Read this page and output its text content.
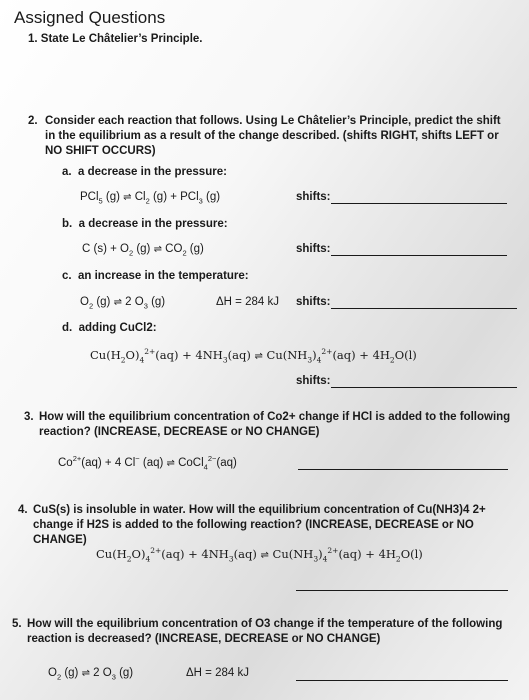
Assigned Questions
1. State Le Châtelier’s Principle.
2. Consider each reaction that follows. Using Le Châtelier’s Principle, predict the shift in the equilibrium as a result of the change described. (shifts RIGHT, shifts LEFT or NO SHIFT OCCURS)
a. a decrease in the pressure:
PCl$_5$ (g) ⇌ $Cl_2$ (g) + PCl$_3$ (g)	shifts:
b. a decrease in the pressure:
C $(s) + O_2$ (g) ⇌ $CO_2$ (g)	shifts:
c. an increase in the temperature:
$O_2$ (g) ⇌ 2 $O_3$ (g)	ΔH = 284 kJ shifts:
d. adding CuCl2:
$Cu(H_2O)_4^{2+}(aq) + 4NH_3(aq)$ ⇌ $Cu(NH_3)_4^{2+}(aq) + 4H_2O(l)$
shifts:
3. How will the equilibrium concentration of Co2+ change if HCl is added to the following reaction? (INCREASE, DECREASE or NO CHANGE)
$Co^{2+}(aq) + 4$ Cl− (aq) ⇌ CoCl$_4^{2-}$(aq)
4. CuS(s) is insoluble in water. How will the equilibrium concentration of Cu(NH3)4 2+ change if H2S is added to the following reaction? (INCREASE, DECREASE or NO CHANGE)
$Cu(H_2O)_4^{2+}(aq) + 4NH_3(aq)$ ⇌ $Cu(NH_3)_4^{2+}(aq) + 4H_2O(l)$
5. How will the equilibrium concentration of O3 change if the temperature of the following reaction is decreased? (INCREASE, DECREASE or NO CHANGE)
$O_2$ (g) ⇌ 2 $O_3$ (g)	ΔH = 284 kJ
